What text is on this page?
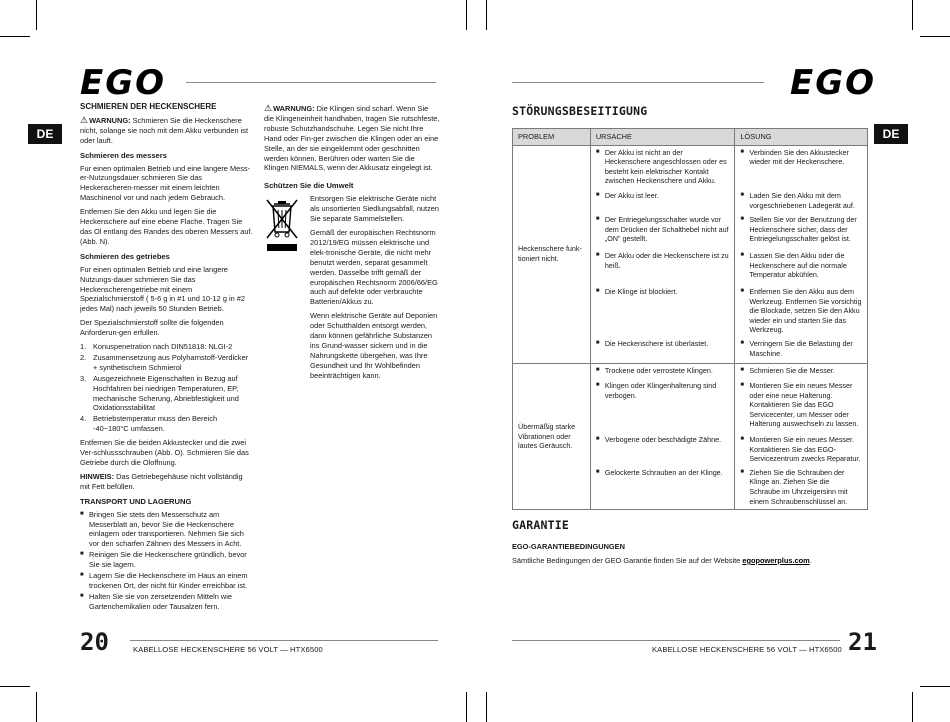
EGO
DE
SCHMIEREN DER HECKENSCHERE

⚠WARNUNG: Schmieren Sie die Heckenschere nicht, solange sie noch mit dem Akku verbunden ist oder lauft.

Schmieren des messers

Fur einen optimalen Betrieb und eine langere Mess-er-Nutzungsdauer schmieren Sie das Heckenscheren-messer mit einem leichten Maschinenol vor und nach jedem Gebrauch.

Entfernen Sie den Akku und legen Sie die Heckenschere auf eine ebene Flache. Tragen Sie das Ol entlang des Randes des oberen Messers auf. (Abb. N).

Schmieren des getriebes

Fur einen optimalen Betrieb und eine langere Nutzungs-dauer schmieren Sie das Heckenscherengetriebe mit einem Spezialschmierstoff ( 5-6 g in #1 und 10-12 g in #2 jedes Mal) nach jeweils 50 Stunden Betrieb.

Der Spezialschmierstoff sollte die folgenden Anforderun-gen erfullen.

1. Konuspenetration nach DIN51818: NLGI-2
2. Zusammensetzung aus Polyharnstoff-Verdicker + synthetischem Schmierol
3. Ausgezeichnete Eigenschaften in Bezug auf Hochfahren bei niedrigen Temperaturen, EP, mechanische Scherung, Abriebfestigkeit und Oxidationsstabilitat
4. Betriebstemperatur muss den Bereich -40~180°C umfassen.

Entfernen Sie die beiden Akkustecker und die zwei Ver-schlussschrauben (Abb. O). Schmieren Sie das Getriebe durch die Oloffnung.

HINWEIS: Das Getriebegehäuse nicht vollständig mit Fett befüllen.

TRANSPORT UND LAGERUNG
■ Bringen Sie stets den Messerschutz am Messerblatt an, bevor Sie die Heckenschere einlagern oder transportieren. Nehmen Sie sich vor den scharfen Zähnen des Messers in Acht.
■ Reinigen Sie die Heckenschere gründlich, bevor Sie sie lagern.
■ Lagern Sie die Heckenschere im Haus an einem trockenen Ort, der nicht für Kinder erreichbar ist.
■ Halten Sie sie von zersetzenden Mitteln wie Gartenchemikalien oder Tausalzen fern.

⚠WARNUNG: Die Klingen sind scharf. Wenn Sie die Klingeneinheit handhaben, tragen Sie rutschfeste, robuste Schutzhandschuhe. Legen Sie nicht Ihre Hand oder Fin-ger zwischen die Klingen oder an eine Stelle, an der sie eingeklemmt oder geschnitten werden können. Berühren oder warten Sie die Klingen NIEMALS, wenn der Akkusatz eingelegt ist.

Schützen Sie die Umwelt

Entsorgen Sie elektrische Geräte nicht als unsortierten Siedlungsabfall, nutzen Sie separate Sammelstellen.

Gemäß der europäischen Rechtsnorm 2012/19/EG müssen elektrische und elek-tronische Geräte, die nicht mehr benutzt werden, separat gesammelt werden. Dasselbe trifft gemäß der europäischen Rechtsnorm 2006/66/EG auch auf defekte oder verbrauchte Batterien/Akkus zu.

Wenn elektrische Geräte auf Deponien oder Schutthalden entsorgt werden, dann können gefährliche Substanzen ins Grund-wasser sickern und in die Nahrungskette übergehen, was Ihre Gesundheit und Ihr Wohlbefinden beeinträchtigen kann.

20	KABELLOSE HECKENSCHERE 56 VOLT — HTX6500
EGO
DE
STÖRUNGSBESEITIGUNG
PROBLEM	URSACHE	LÖSUNG
Heckenschere funk-tioniert nicht.	■ Der Akku ist nicht an der Heckenschere angeschlossen oder es besteht kein elektrischer Kontakt zwischen Heckenschere und Akku.	■ Verbinden Sie den Akkustecker wieder mit der Heckenschere.

	■ Der Akku ist leer.	■ Laden Sie den Akku mit dem vorgeschriebenen Ladegerät auf.

	■ Der Entriegelungsschalter wurde vor dem Drücken der Schalthebel nicht auf „ON" gestellt.	■ Stellen Sie vor der Benutzung der Heckenschere sicher, dass der Entriegelungsschalter gelöst ist.

	■ Der Akku oder die Heckenschere ist zu heiß.	■ Lassen Sie den Akku oder die Heckenschere auf die normale Temperatur abkühlen.

	■ Die Klinge ist blockiert.	■ Entfernen Sie den Akku aus dem Werkzeug. Entfernen Sie vorsichtig die Blockade, setzen Sie den Akku wieder ein und starten Sie das Werkzeug.

	■ Die Heckenschere ist überlastet.	■ Verringern Sie die Belastung der Maschine.

Übermäßig starke Vibrationen oder lautes Geräusch.	■ Trockene oder verrostete Klingen.	■ Schmieren Sie die Messer.

	■ Klingen oder Klingenhalterung sind verbogen.	■ Montieren Sie ein neues Messer oder eine neue Halterung. Kontaktieren Sie das EGO Servicecenter, um Messer oder Halterung auswechseln zu lassen.

	■ Verbogene oder beschädigte Zähne.	■ Montieren Sie ein neues Messer. Kontaktieren Sie das EGO-Servicezentrum zwecks Reparatur.

	■ Gelockerte Schrauben an der Klinge.	■ Ziehen Sie die Schrauben der Klinge an. Ziehen Sie die Schraube im Uhrzeigersinn mit einem Schraubenschlüssel an.
GARANTIE
EGO-GARANTIEBEDINGUNGEN

Sämtliche Bedingungen der GEO Garantie finden Sie auf der Website egopowerplus.com.

KABELLOSE HECKENSCHERE 56 VOLT — HTX6500 21
